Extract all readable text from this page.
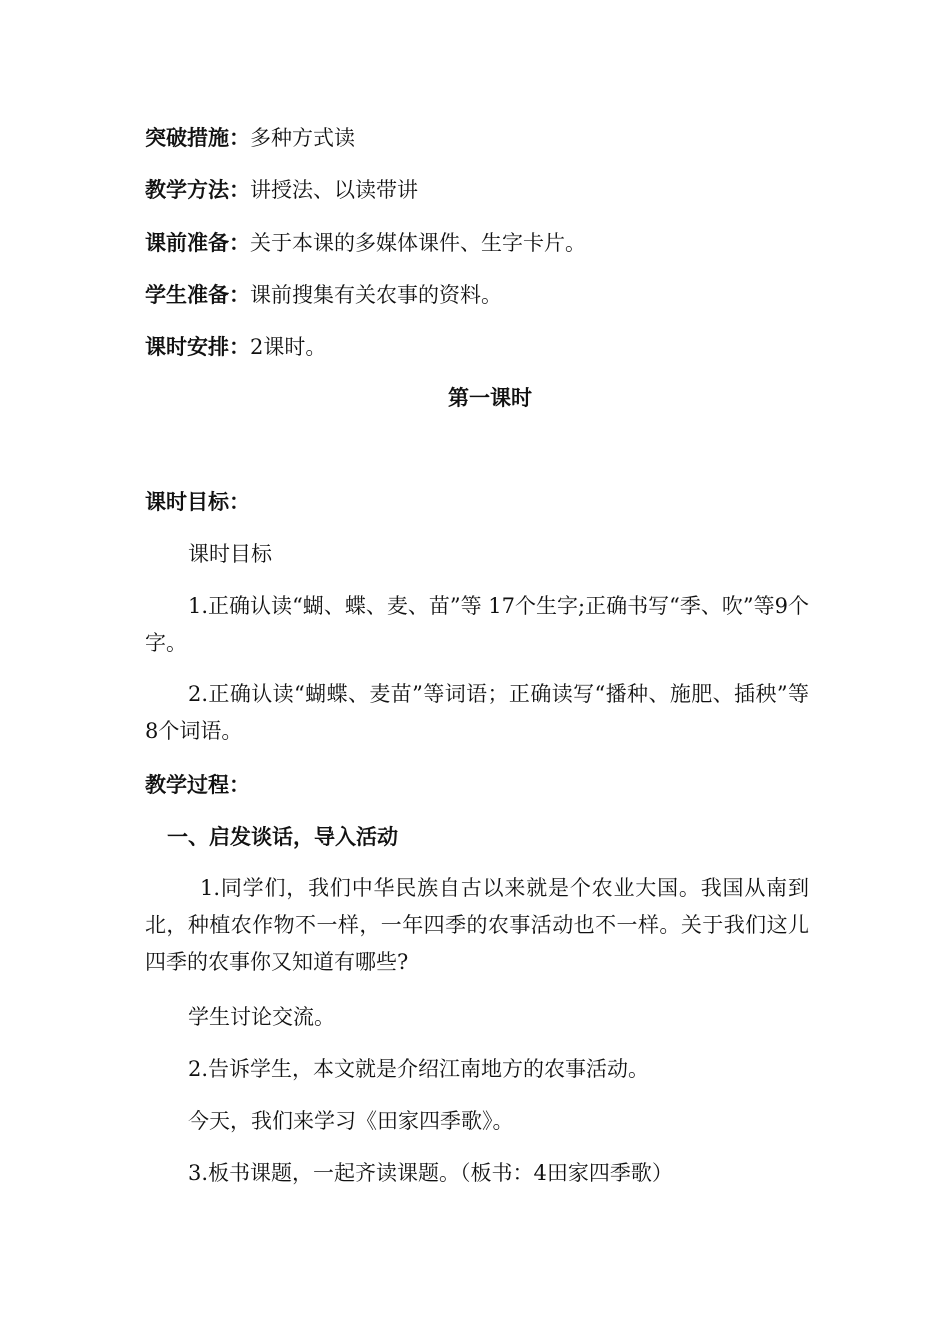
突破措施：多种方式读
教学方法：讲授法、以读带讲
课前准备：关于本课的多媒体课件、生字卡片。
学生准备：课前搜集有关农事的资料。
课时安排：2课时。
第一课时
课时目标：
课时目标
1.正确认读“蝴、蝶、麦、苗”等 17个生字;正确书写“季、吹”等9个字。
2.正确认读“蝴蝶、麦苗”等词语；正确读写“播种、施肥、插秧”等8个词语。
教学过程：
一、启发谈话，导入活动
1.同学们，我们中华民族自古以来就是个农业大国。我国从南到北，种植农作物不一样，一年四季的农事活动也不一样。关于我们这儿四季的农事你又知道有哪些?
学生讨论交流。
2.告诉学生，本文就是介绍江南地方的农事活动。
今天，我们来学习《田家四季歌》。
3.板书课题，一起齐读课题。（板书：4田家四季歌）
